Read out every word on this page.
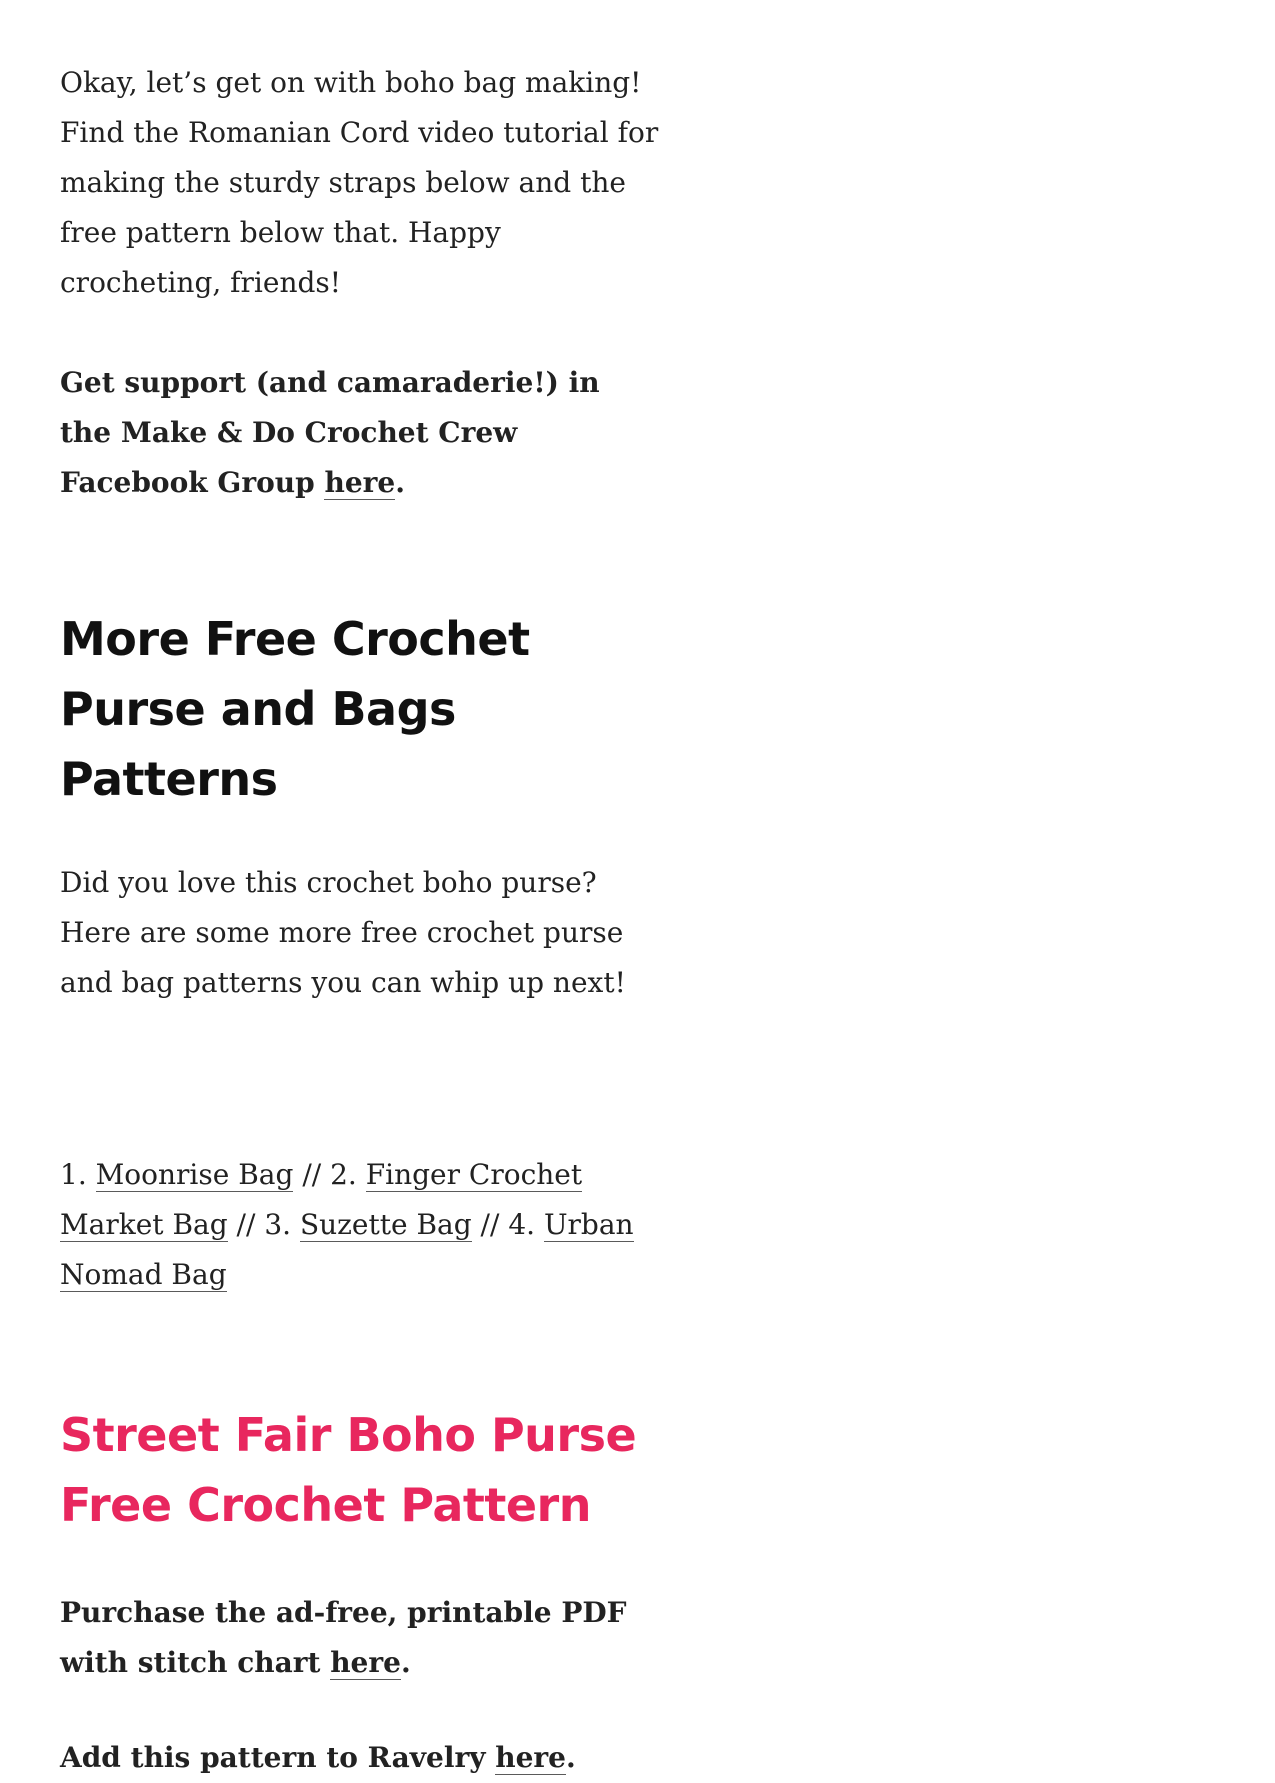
Okay, let’s get on with boho bag making! Find the Romanian Cord video tutorial for making the sturdy straps below and the free pattern below that. Happy crocheting, friends!

Get support (and camaraderie!) in the Make & Do Crochet Crew Facebook Group here.

More Free Crochet Purse and Bags Patterns

Did you love this crochet boho purse? Here are some more free crochet purse and bag patterns you can whip up next!

1. Moonrise Bag // 2. Finger Crochet Market Bag // 3. Suzette Bag // 4. Urban Nomad Bag

Street Fair Boho Purse Free Crochet Pattern

Purchase the ad-free, printable PDF with stitch chart here.

Add this pattern to Ravelry here.
